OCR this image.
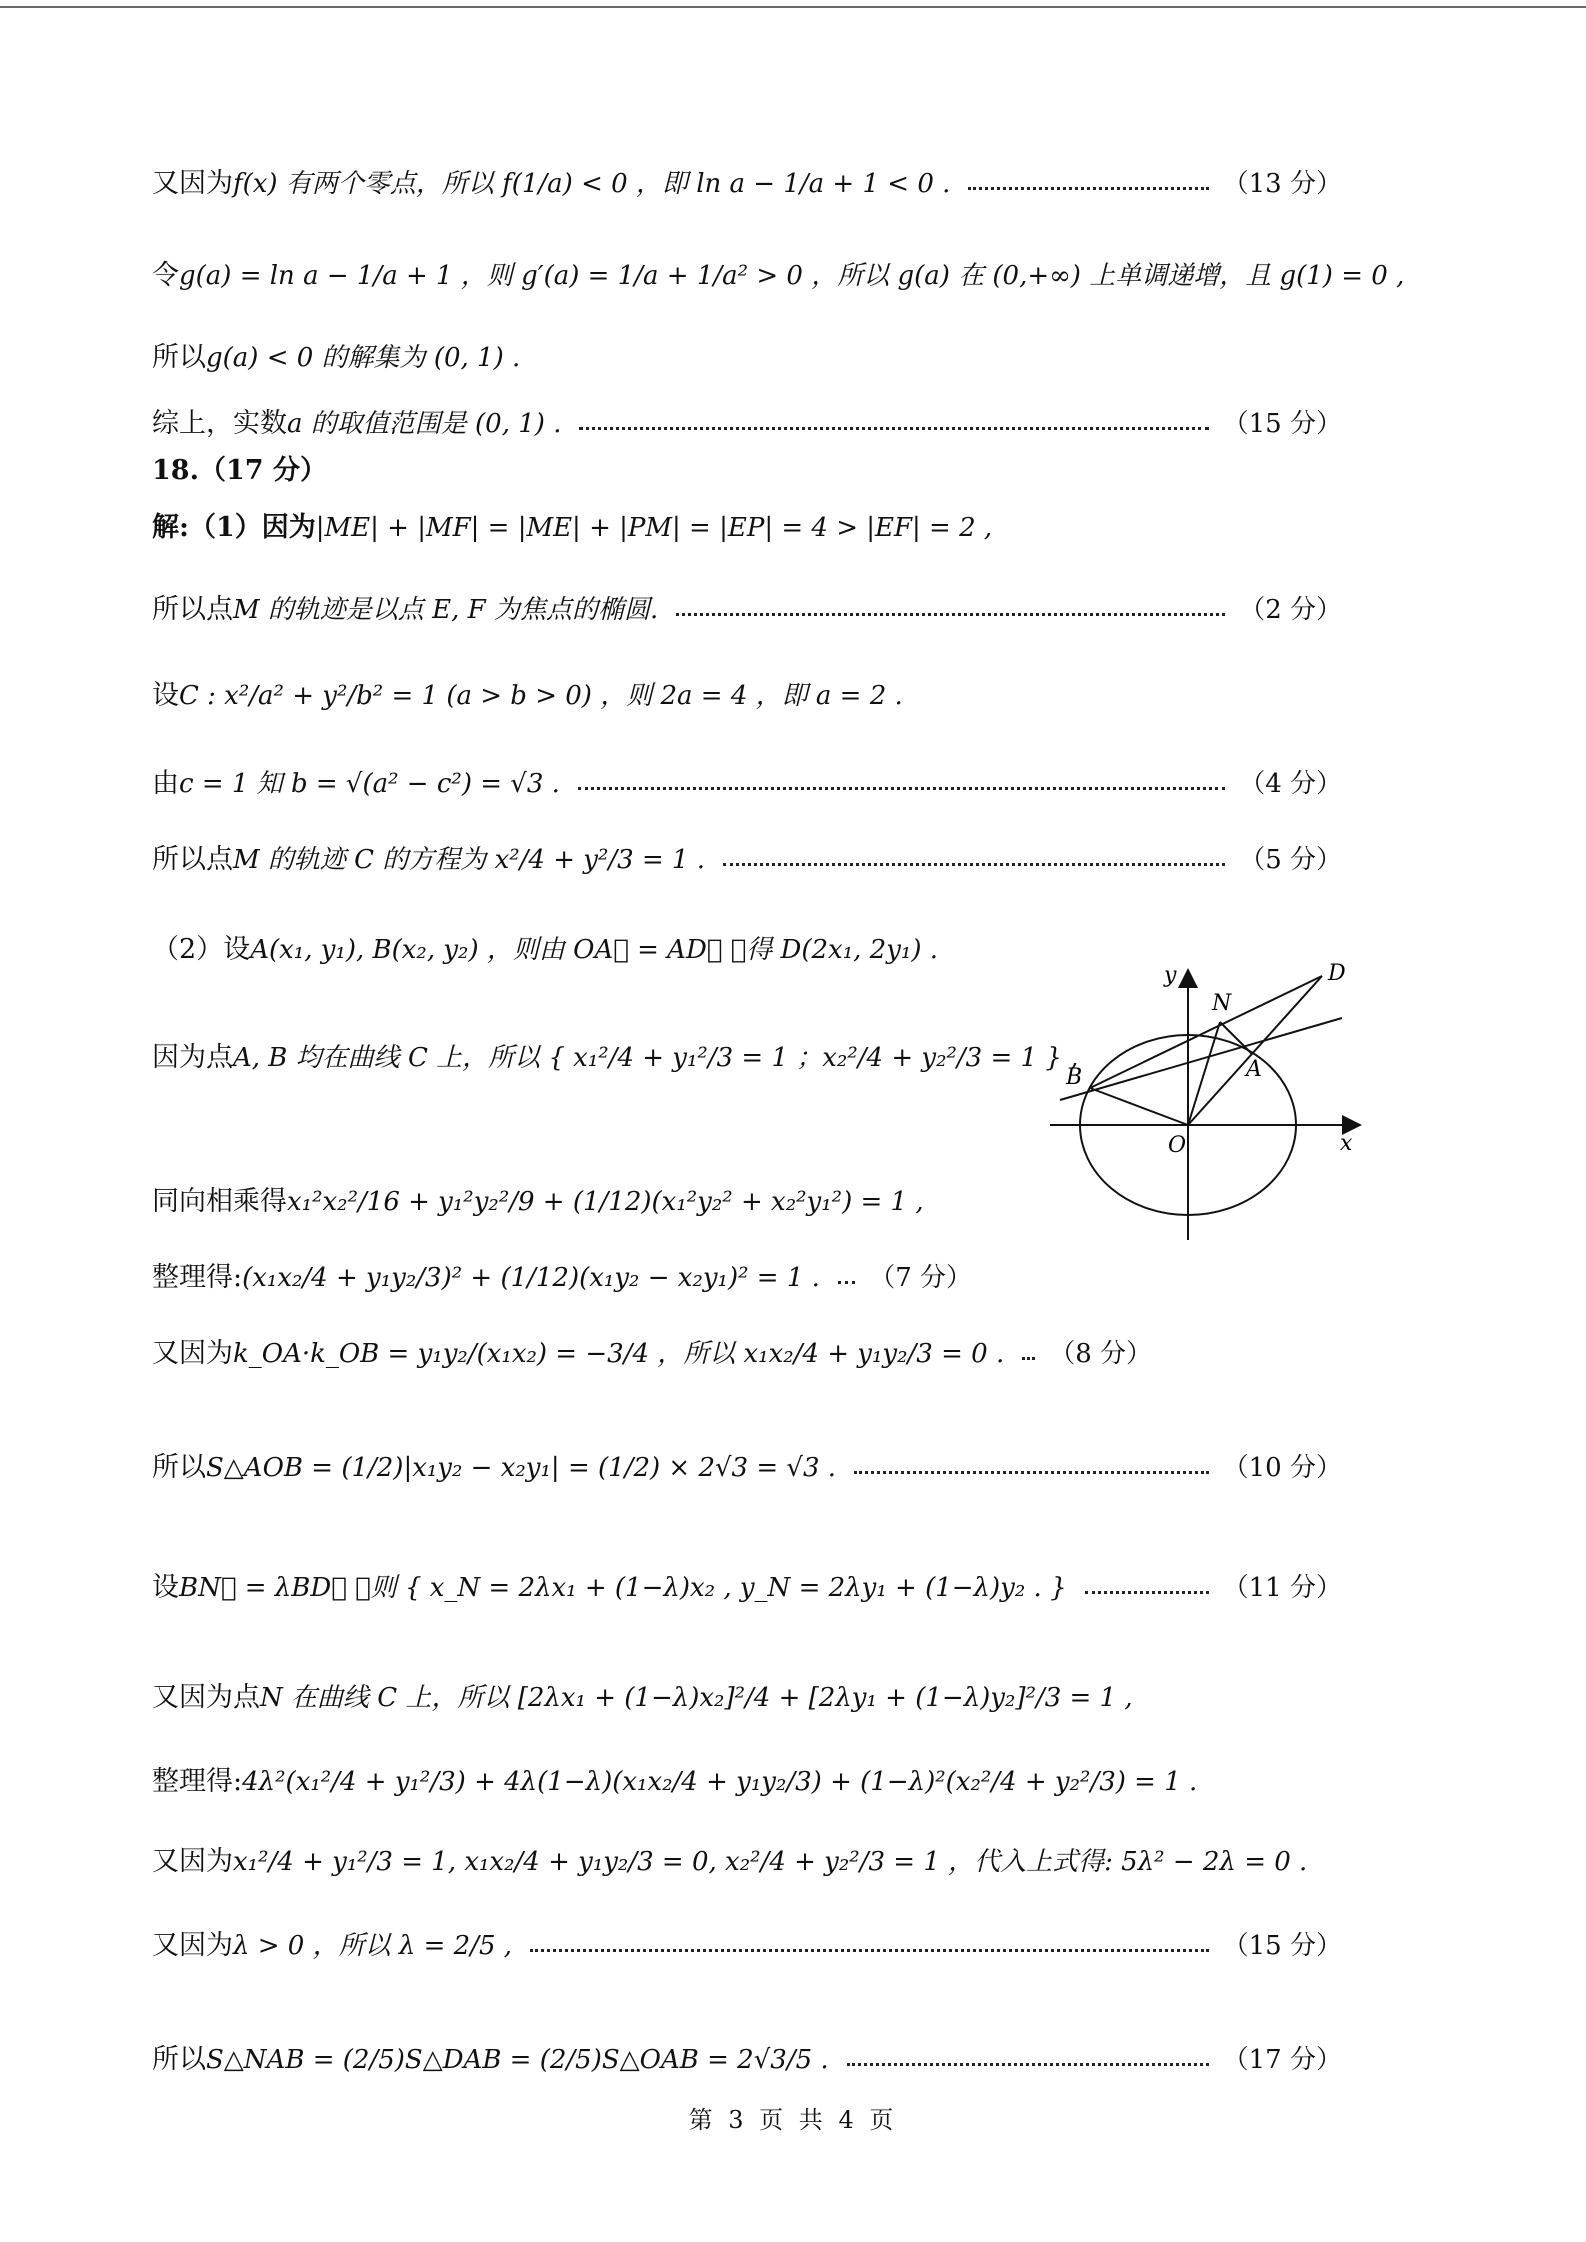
又因为 f(x) 有两个零点，所以 f(1/a) < 0 ，即 ln a − 1/a + 1 < 0 .	（13 分）
令 g(a) = ln a − 1/a + 1 ，则 g′(a) = 1/a + 1/a² > 0 ，所以 g(a) 在 (0,+∞) 上单调递增，且 g(1) = 0 ,
所以 g(a) < 0 的解集为 (0, 1) .
综上，实数 a 的取值范围是 (0, 1) .	（15 分）
18.（17 分）
解:（1）因为 |ME| + |MF| = |ME| + |PM| = |EP| = 4 > |EF| = 2 ,
所以点 M 的轨迹是以点 E, F 为焦点的椭圆.	（2 分）
设 C : x²/a² + y²/b² = 1 (a > b > 0) ，则 2a = 4 ，即 a = 2 .
由 c = 1 知 b = √(a² − c²) = √3 .	（4 分）
所以点 M 的轨迹 C 的方程为 x²/4 + y²/3 = 1 .	（5 分）
（2）设 A(x₁, y₁), B(x₂, y₂) ，则由 OA⃗ = AD⃗ ，得 D(2x₁, 2y₁) .
因为点 A, B 均在曲线 C 上，所以 { x₁²/4 + y₁²/3 = 1 ；x₂²/4 + y₂²/3 = 1 } ,
同向相乘得 x₁²x₂²/16 + y₁²y₂²/9 + (1/12)(x₁²y₂² + x₂²y₁²) = 1 ,
整理得: (x₁x₂/4 + y₁y₂/3)² + (1/12)(x₁y₂ − x₂y₁)² = 1 . （7 分）
又因为 k_OA·k_OB = y₁y₂/(x₁x₂) = −3/4 ，所以 x₁x₂/4 + y₁y₂/3 = 0 . （8 分）
所以 S△AOB = (1/2)|x₁y₂ − x₂y₁| = (1/2) × 2√3 = √3 .	（10 分）
设 BN⃗ = λBD⃗ ，则 { x_N = 2λx₁ + (1−λ)x₂ , y_N = 2λy₁ + (1−λ)y₂ . }	（11 分）
又因为点 N 在曲线 C 上，所以 [2λx₁ + (1−λ)x₂]²/4 + [2λy₁ + (1−λ)y₂]²/3 = 1 ,
整理得: 4λ²(x₁²/4 + y₁²/3) + 4λ(1−λ)(x₁x₂/4 + y₁y₂/3) + (1−λ)²(x₂²/4 + y₂²/3) = 1 .
又因为 x₁²/4 + y₁²/3 = 1, x₁x₂/4 + y₁y₂/3 = 0, x₂²/4 + y₂²/3 = 1 ，代入上式得: 5λ² − 2λ = 0 .
又因为 λ > 0 ，所以 λ = 2/5 ,	（15 分）
所以 S△NAB = (2/5)S△DAB = (2/5)S△OAB = 2√3/5 .	（17 分）
y
x
O
N
D
A
B
第 3 页 共 4 页
